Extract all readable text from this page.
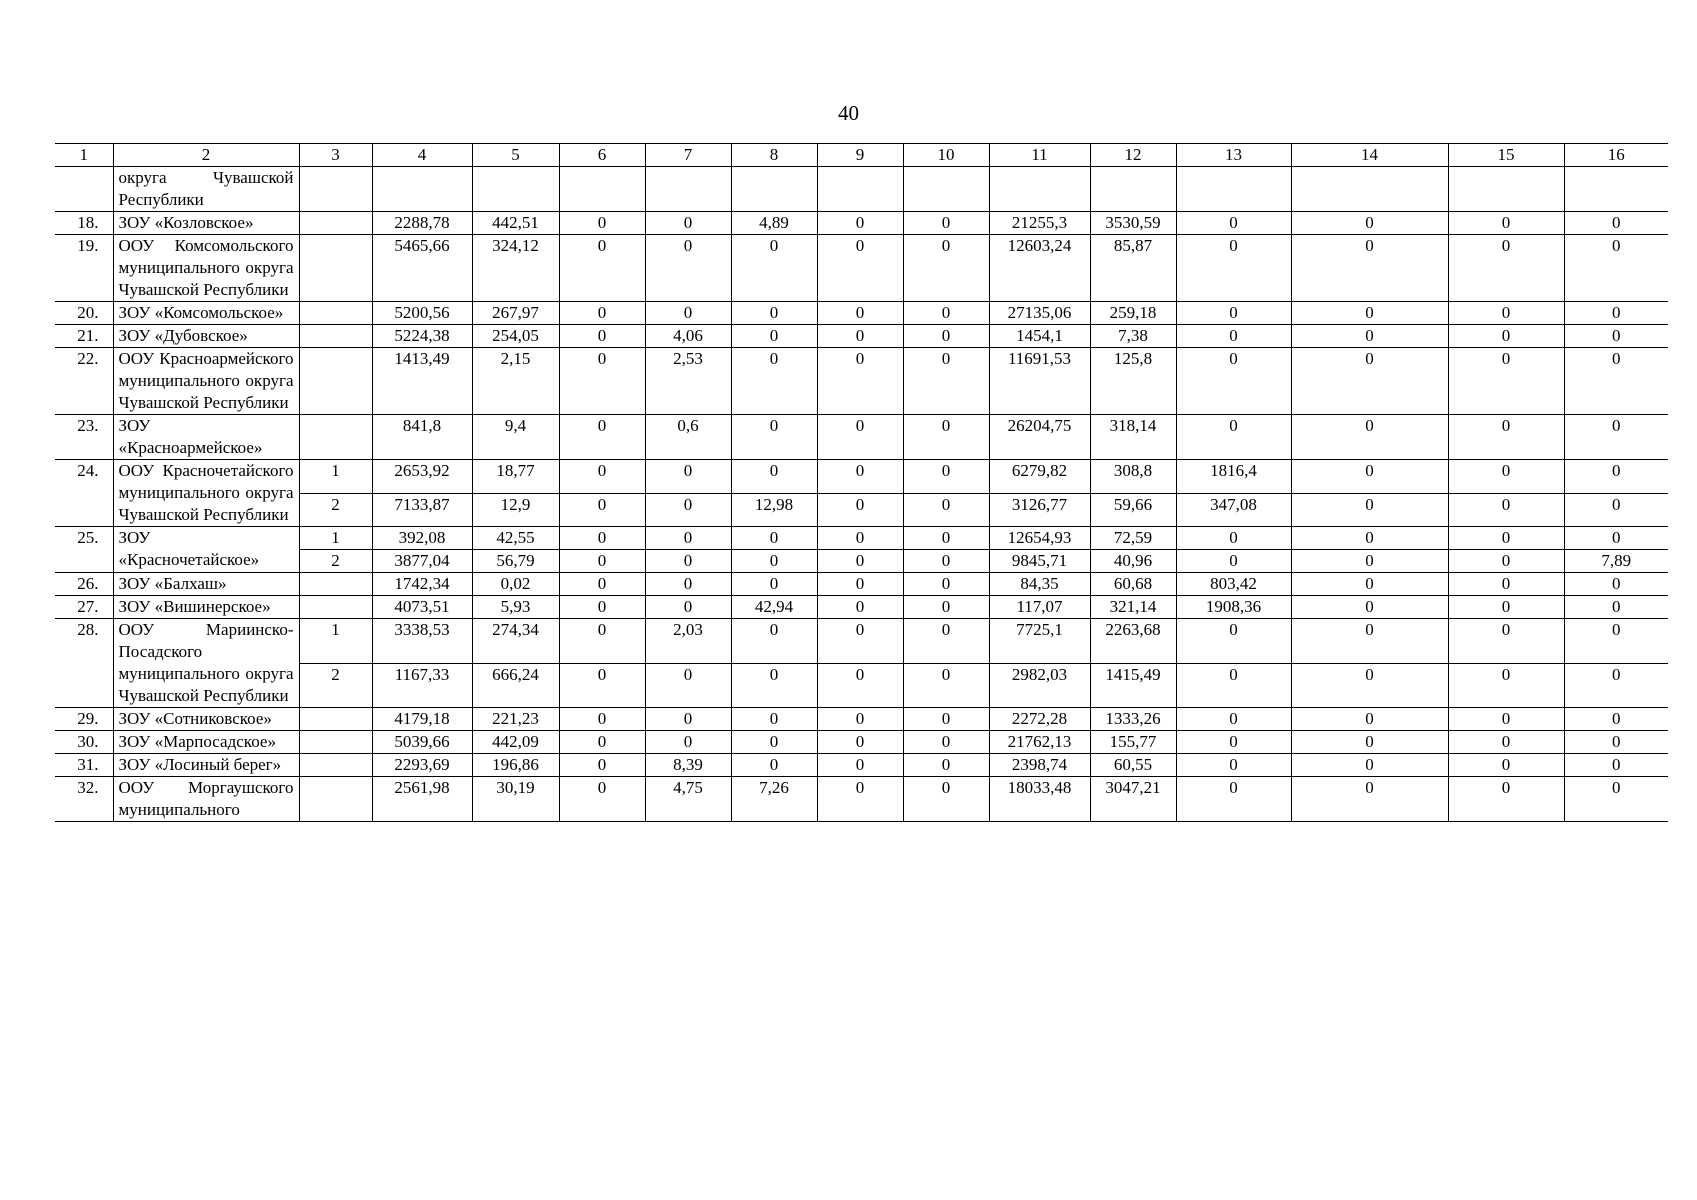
40
1	2	3	4	5	6	7	8	9	10	11	12	13	14	15	16
	округа Чувашской Республики														
18.	ЗОУ «Козловское»		2288,78	442,51	0	0	4,89	0	0	21255,3	3530,59	0	0	0	0
19.	ООУ Комсомольского муниципального округа Чувашской Республики		5465,66	324,12	0	0	0	0	0	12603,24	85,87	0	0	0	0
20.	ЗОУ «Комсомольское»		5200,56	267,97	0	0	0	0	0	27135,06	259,18	0	0	0	0
21.	ЗОУ «Дубовское»		5224,38	254,05	0	4,06	0	0	0	1454,1	7,38	0	0	0	0
22.	ООУ Красноармейского муниципального округа Чувашской Республики		1413,49	2,15	0	2,53	0	0	0	11691,53	125,8	0	0	0	0
23.	ЗОУ «Красноармейское»		841,8	9,4	0	0,6	0	0	0	26204,75	318,14	0	0	0	0
24.	ООУ Красночетайского муниципального округа Чувашской Республики	1	2653,92	18,77	0	0	0	0	0	6279,82	308,8	1816,4	0	0	0
		2	7133,87	12,9	0	0	12,98	0	0	3126,77	59,66	347,08	0	0	0
25.	ЗОУ «Красночетайское»	1	392,08	42,55	0	0	0	0	0	12654,93	72,59	0	0	0	0
		2	3877,04	56,79	0	0	0	0	0	9845,71	40,96	0	0	0	7,89
26.	ЗОУ «Балхаш»		1742,34	0,02	0	0	0	0	0	84,35	60,68	803,42	0	0	0
27.	ЗОУ «Вишинерское»		4073,51	5,93	0	0	42,94	0	0	117,07	321,14	1908,36	0	0	0
28.	ООУ Мариинско-Посадского муниципального округа Чувашской Республики	1	3338,53	274,34	0	2,03	0	0	0	7725,1	2263,68	0	0	0	0
		2	1167,33	666,24	0	0	0	0	0	2982,03	1415,49	0	0	0	0
29.	ЗОУ «Сотниковское»		4179,18	221,23	0	0	0	0	0	2272,28	1333,26	0	0	0	0
30.	ЗОУ «Марпосадское»		5039,66	442,09	0	0	0	0	0	21762,13	155,77	0	0	0	0
31.	ЗОУ «Лосиный берег»		2293,69	196,86	0	8,39	0	0	0	2398,74	60,55	0	0	0	0
32.	ООУ Моргаушского муниципального		2561,98	30,19	0	4,75	7,26	0	0	18033,48	3047,21	0	0	0	0
